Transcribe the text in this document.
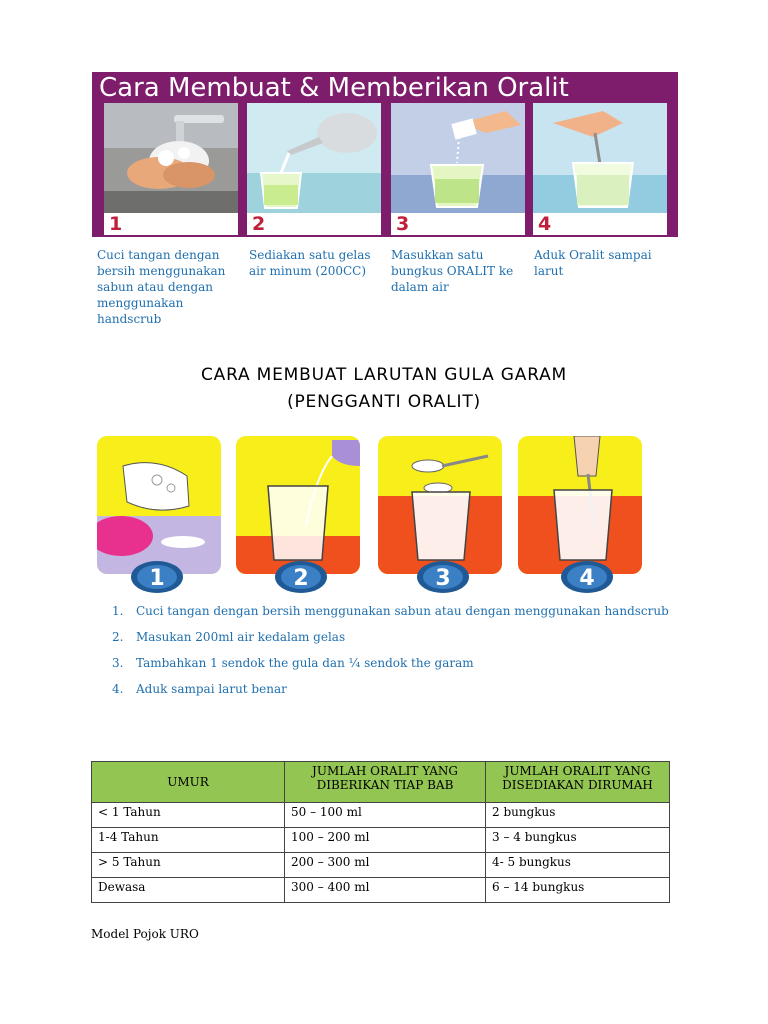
Cara Membuat & Memberikan Oralit
1	2	3	4
Cuci tangan dengan
bersih menggunakan
sabun atau dengan
menggunakan
handscrub
Sediakan satu gelas
air minum (200CC)
Masukkan satu
bungkus ORALIT ke
dalam air
Aduk Oralit sampai
larut
CARA MEMBUAT LARUTAN GULA GARAM
(PENGGANTI ORALIT)
1	2	3	4
1. Cuci tangan dengan bersih menggunakan sabun atau dengan menggunakan handscrub
2. Masukan 200ml air kedalam gelas
3. Tambahkan 1 sendok the gula dan ¼ sendok the garam
4. Aduk sampai larut benar
UMUR	JUMLAH ORALIT YANG DIBERIKAN TIAP BAB	JUMLAH ORALIT YANG DISEDIAKAN DIRUMAH
< 1 Tahun	50 – 100 ml	2 bungkus
1-4 Tahun	100 – 200 ml	3 – 4 bungkus
> 5 Tahun	200 – 300 ml	4- 5 bungkus
Dewasa	300 – 400 ml	6 – 14 bungkus
Model Pojok URO
